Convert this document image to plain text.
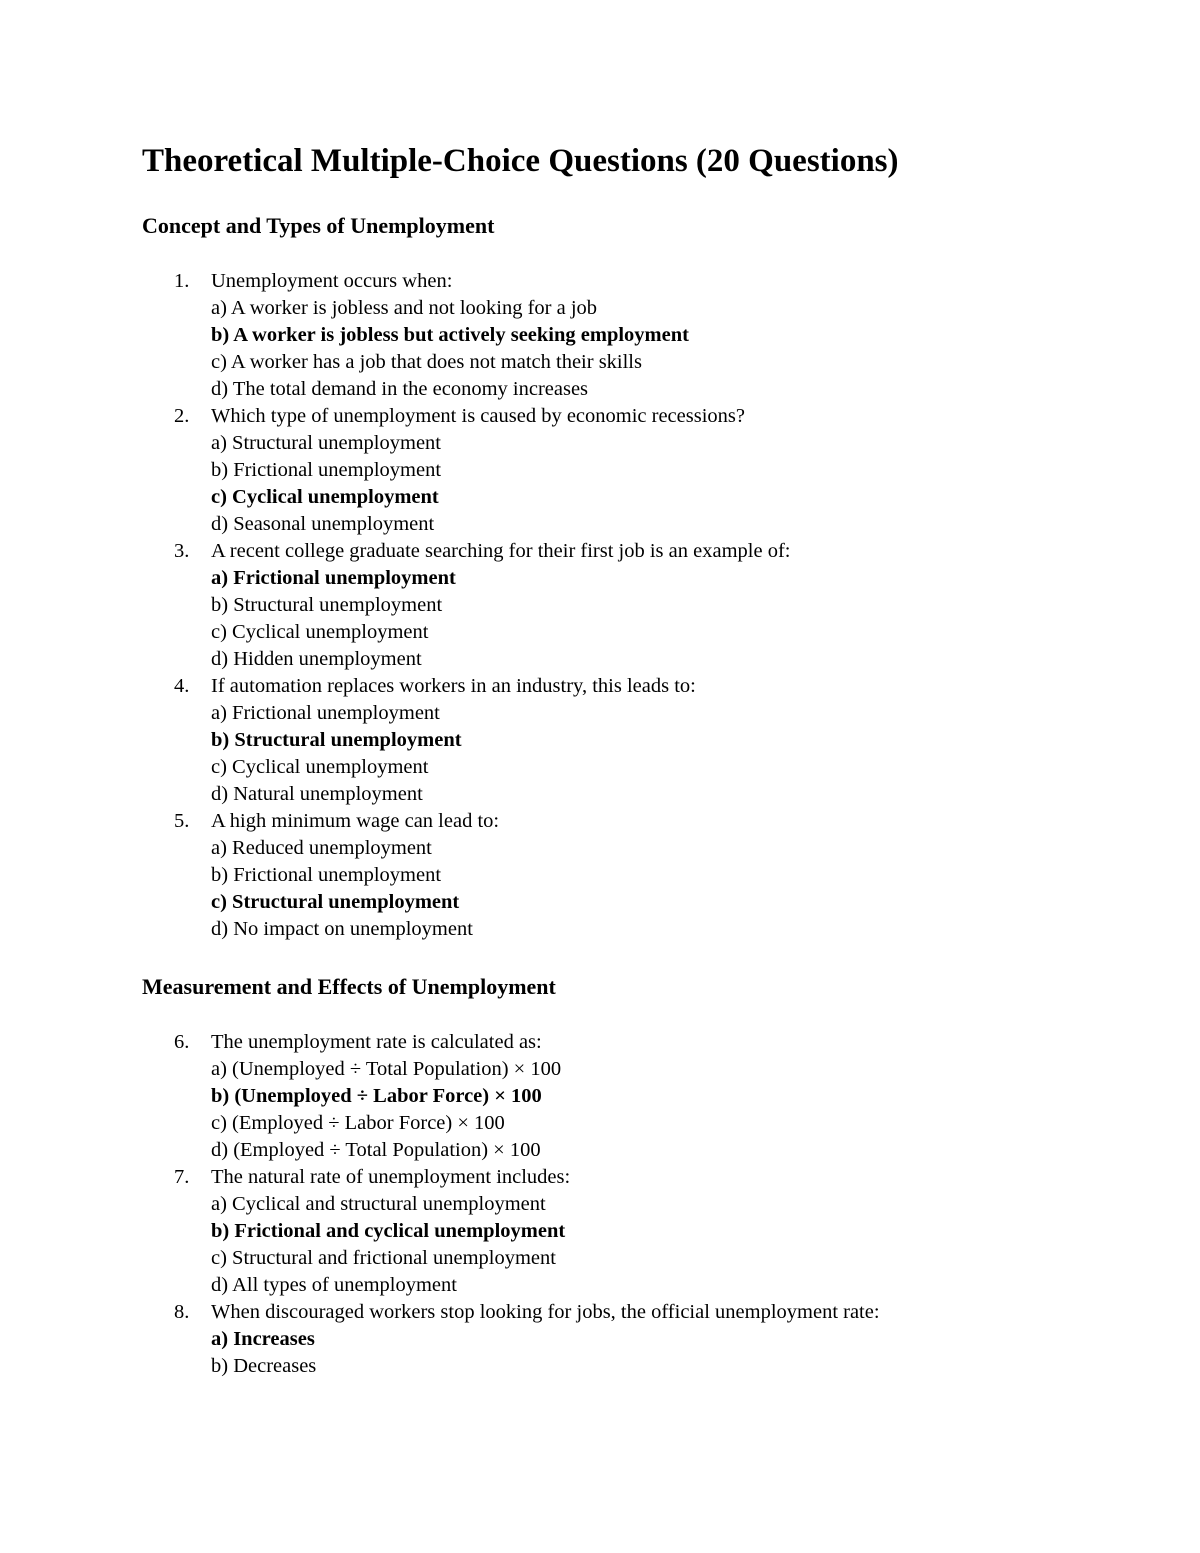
Theoretical Multiple-Choice Questions (20 Questions)
Concept and Types of Unemployment
1. Unemployment occurs when:
a) A worker is jobless and not looking for a job
b) A worker is jobless but actively seeking employment
c) A worker has a job that does not match their skills
d) The total demand in the economy increases
2. Which type of unemployment is caused by economic recessions?
a) Structural unemployment
b) Frictional unemployment
c) Cyclical unemployment
d) Seasonal unemployment
3. A recent college graduate searching for their first job is an example of:
a) Frictional unemployment
b) Structural unemployment
c) Cyclical unemployment
d) Hidden unemployment
4. If automation replaces workers in an industry, this leads to:
a) Frictional unemployment
b) Structural unemployment
c) Cyclical unemployment
d) Natural unemployment
5. A high minimum wage can lead to:
a) Reduced unemployment
b) Frictional unemployment
c) Structural unemployment
d) No impact on unemployment
Measurement and Effects of Unemployment
6. The unemployment rate is calculated as:
a) (Unemployed ÷ Total Population) × 100
b) (Unemployed ÷ Labor Force) × 100
c) (Employed ÷ Labor Force) × 100
d) (Employed ÷ Total Population) × 100
7. The natural rate of unemployment includes:
a) Cyclical and structural unemployment
b) Frictional and cyclical unemployment
c) Structural and frictional unemployment
d) All types of unemployment
8. When discouraged workers stop looking for jobs, the official unemployment rate:
a) Increases
b) Decreases
